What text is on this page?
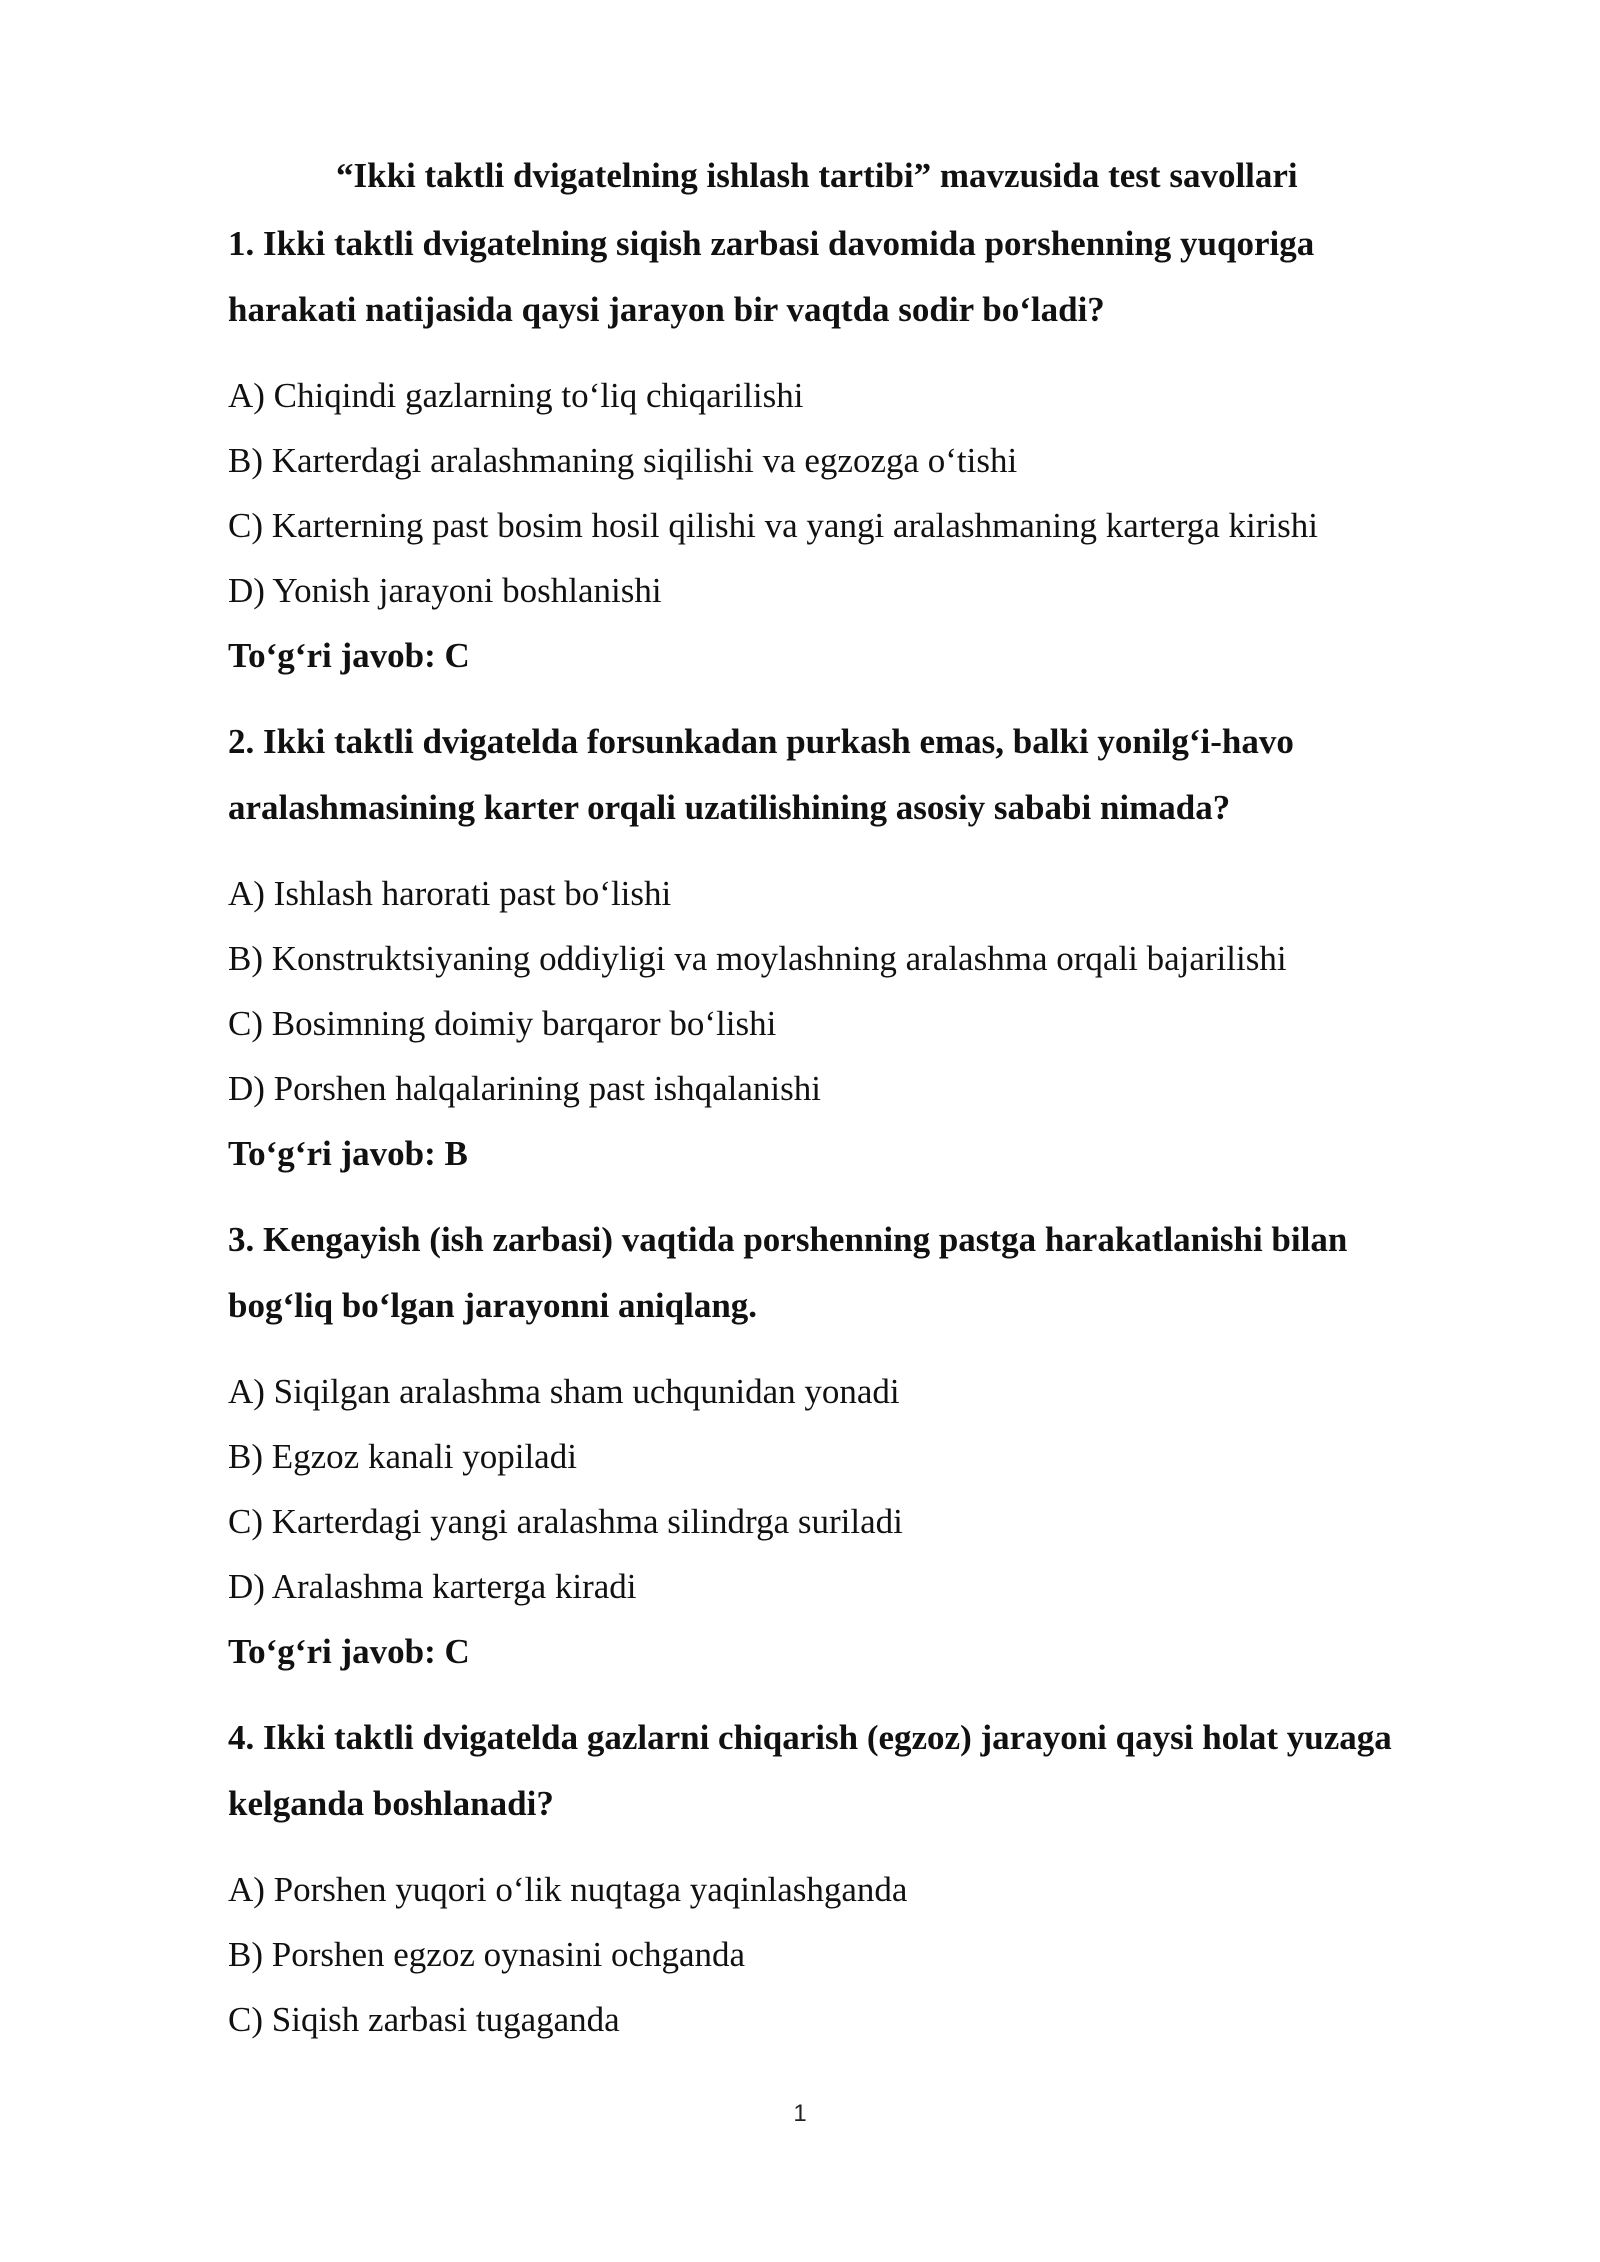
“Ikki taktli dvigatelning ishlash tartibi” mavzusida test savollari

1. Ikki taktli dvigatelning siqish zarbasi davomida porshenning yuqoriga

harakati natijasida qaysi jarayon bir vaqtda sodir bo‘ladi?

A) Chiqindi gazlarning to‘liq chiqarilishi

B) Karterdagi aralashmaning siqilishi va egzozga o‘tishi

C) Karterning past bosim hosil qilishi va yangi aralashmaning karterga kirishi

D) Yonish jarayoni boshlanishi

To‘g‘ri javob: C

2. Ikki taktli dvigatelda forsunkadan purkash emas, balki yonilg‘i-havo

aralashmasining karter orqali uzatilishining asosiy sababi nimada?

A) Ishlash harorati past bo‘lishi

B) Konstruktsiyaning oddiyligi va moylashning aralashma orqali bajarilishi

C) Bosimning doimiy barqaror bo‘lishi

D) Porshen halqalarining past ishqalanishi

To‘g‘ri javob: B

3. Kengayish (ish zarbasi) vaqtida porshenning pastga harakatlanishi bilan

bog‘liq bo‘lgan jarayonni aniqlang.

A) Siqilgan aralashma sham uchqunidan yonadi

B) Egzoz kanali yopiladi

C) Karterdagi yangi aralashma silindrga suriladi

D) Aralashma karterga kiradi

To‘g‘ri javob: C

4. Ikki taktli dvigatelda gazlarni chiqarish (egzoz) jarayoni qaysi holat yuzaga

kelganda boshlanadi?

A) Porshen yuqori o‘lik nuqtaga yaqinlashganda

B) Porshen egzoz oynasini ochganda

C) Siqish zarbasi tugaganda

1
